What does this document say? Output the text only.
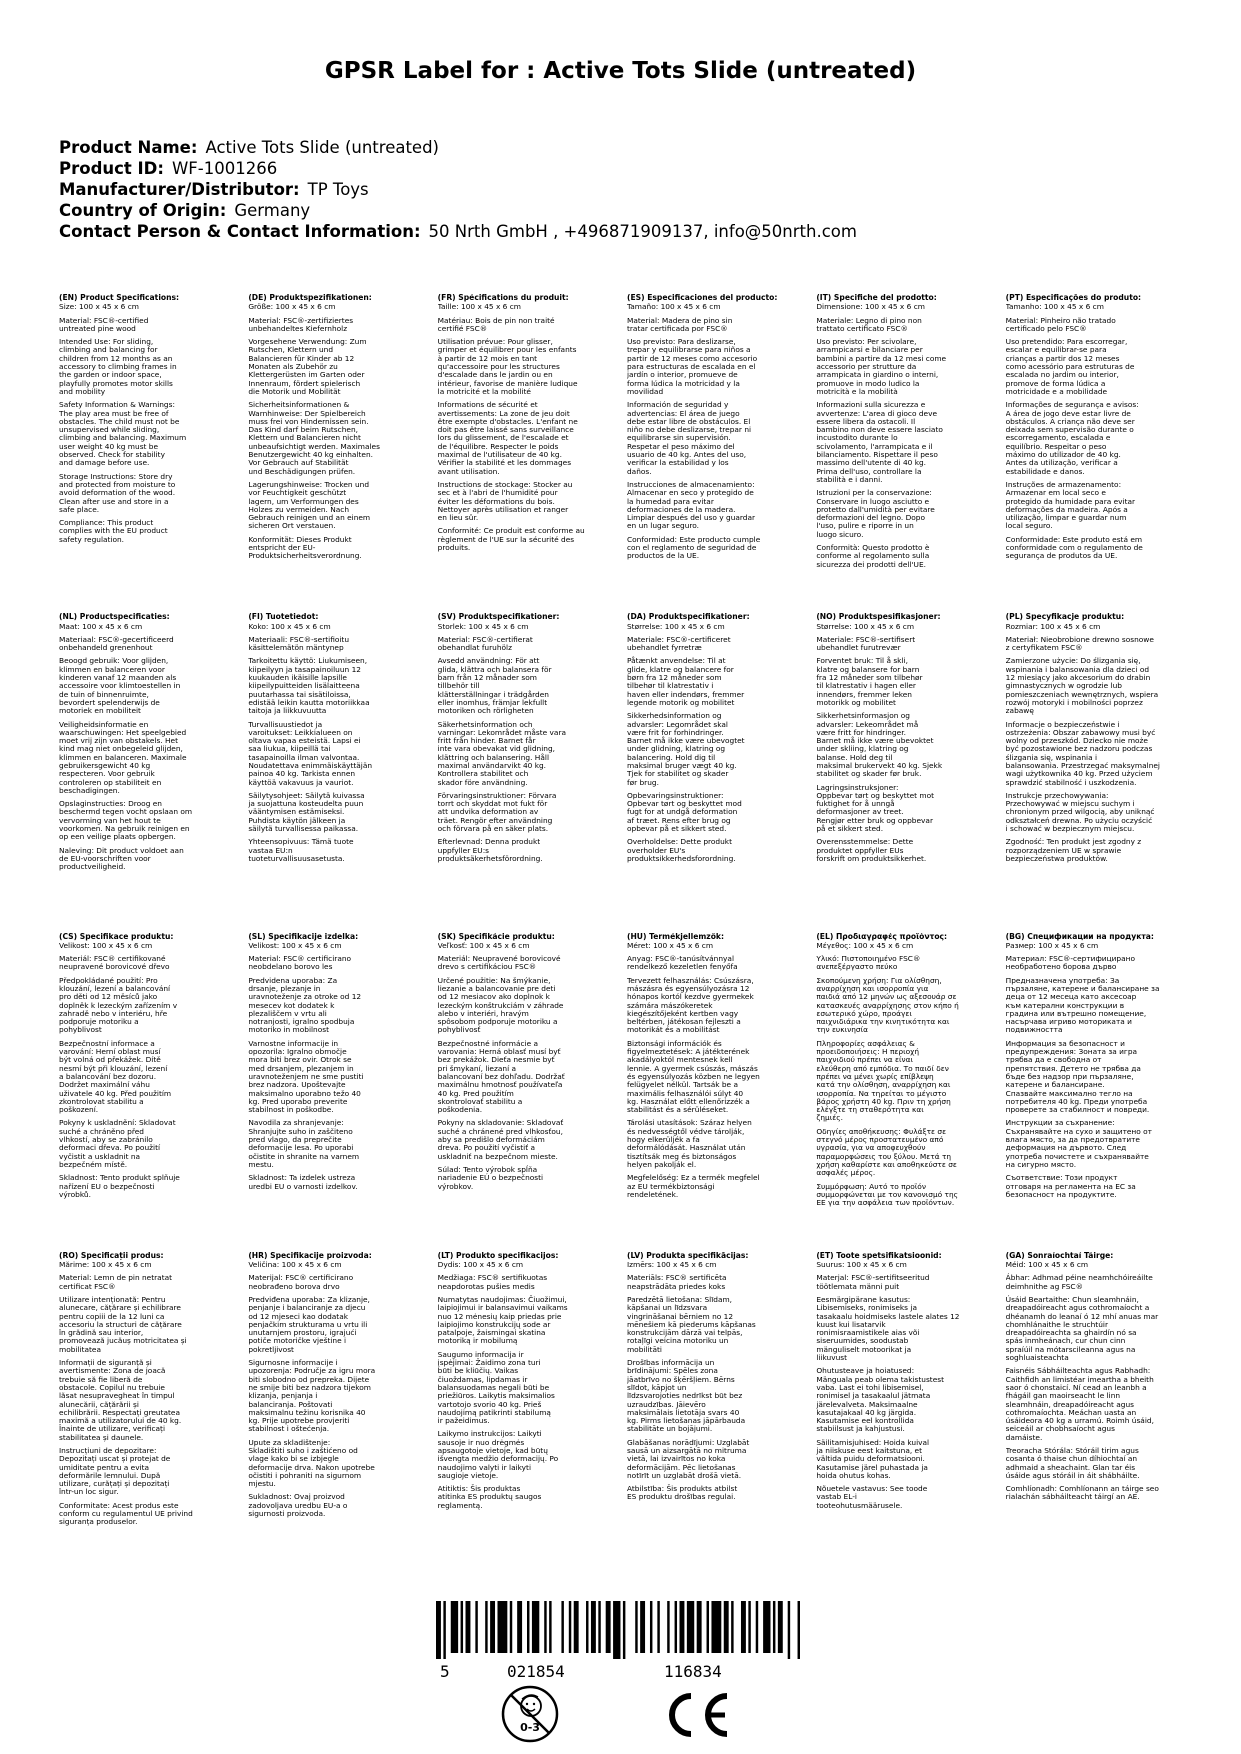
GPSR Label for : Active Tots Slide (untreated)
Product Name: Active Tots Slide (untreated)
Product ID: WF-1001266
Manufacturer/Distributor: TP Toys
Country of Origin: Germany
Contact Person & Contact Information: 50 Nrth GmbH , +496871909137, info@50nrth.com
(EN) Product Specifications:
Size: 100 x 45 x 6 cm
Material: FSC®-certified
untreated pine wood
Intended Use: For sliding,
climbing and balancing for
children from 12 months as an
accessory to climbing frames in
the garden or indoor space,
playfully promotes motor skills
and mobility
Safety Information & Warnings:
The play area must be free of
obstacles. The child must not be
unsupervised while sliding,
climbing and balancing. Maximum
user weight 40 kg must be
observed. Check for stability
and damage before use.
Storage Instructions: Store dry
and protected from moisture to
avoid deformation of the wood.
Clean after use and store in a
safe place.
Compliance: This product
complies with the EU product
safety regulation.
(DE) Produktspezifikationen:
Größe: 100 x 45 x 6 cm
Material: FSC®-zertifiziertes
unbehandeltes Kiefernholz
Vorgesehene Verwendung: Zum
Rutschen, Klettern und
Balancieren für Kinder ab 12
Monaten als Zubehör zu
Klettergerüsten im Garten oder
Innenraum, fördert spielerisch
die Motorik und Mobilität
Sicherheitsinformationen &
Warnhinweise: Der Spielbereich
muss frei von Hindernissen sein.
Das Kind darf beim Rutschen,
Klettern und Balancieren nicht
unbeaufsichtigt werden. Maximales
Benutzergewicht 40 kg einhalten.
Vor Gebrauch auf Stabilität
und Beschädigungen prüfen.
Lagerungshinweise: Trocken und
vor Feuchtigkeit geschützt
lagern, um Verformungen des
Holzes zu vermeiden. Nach
Gebrauch reinigen und an einem
sicheren Ort verstauen.
Konformität: Dieses Produkt
entspricht der EU-
Produktsicherheitsverordnung.
(FR) Spécifications du produit:
Taille: 100 x 45 x 6 cm
Matériau: Bois de pin non traité
certifié FSC®
Utilisation prévue: Pour glisser,
grimper et équilibrer pour les enfants
à partir de 12 mois en tant
qu'accessoire pour les structures
d'escalade dans le jardin ou en
intérieur, favorise de manière ludique
la motricité et la mobilité
Informations de sécurité et
avertissements: La zone de jeu doit
être exempte d'obstacles. L'enfant ne
doit pas être laissé sans surveillance
lors du glissement, de l'escalade et
de l'équilibre. Respecter le poids
maximal de l'utilisateur de 40 kg.
Vérifier la stabilité et les dommages
avant utilisation.
Instructions de stockage: Stocker au
sec et à l'abri de l'humidité pour
éviter les déformations du bois.
Nettoyer après utilisation et ranger
en lieu sûr.
Conformité: Ce produit est conforme au
règlement de l'UE sur la sécurité des
produits.
(ES) Especificaciones del producto:
Tamaño: 100 x 45 x 6 cm
Material: Madera de pino sin
tratar certificada por FSC®
Uso previsto: Para deslizarse,
trepar y equilibrarse para niños a
partir de 12 meses como accesorio
para estructuras de escalada en el
jardín o interior, promueve de
forma lúdica la motricidad y la
movilidad
Información de seguridad y
advertencias: El área de juego
debe estar libre de obstáculos. El
niño no debe deslizarse, trepar ni
equilibrarse sin supervisión.
Respetar el peso máximo del
usuario de 40 kg. Antes del uso,
verificar la estabilidad y los
daños.
Instrucciones de almacenamiento:
Almacenar en seco y protegido de
la humedad para evitar
deformaciones de la madera.
Limpiar después del uso y guardar
en un lugar seguro.
Conformidad: Este producto cumple
con el reglamento de seguridad de
productos de la UE.
(IT) Specifiche del prodotto:
Dimensione: 100 x 45 x 6 cm
Materiale: Legno di pino non
trattato certificato FSC®
Uso previsto: Per scivolare,
arrampicarsi e bilanciare per
bambini a partire da 12 mesi come
accessorio per strutture da
arrampicata in giardino o interni,
promuove in modo ludico la
motricità e la mobilità
Informazioni sulla sicurezza e
avvertenze: L'area di gioco deve
essere libera da ostacoli. Il
bambino non deve essere lasciato
incustodito durante lo
scivolamento, l'arrampicata e il
bilanciamento. Rispettare il peso
massimo dell'utente di 40 kg.
Prima dell'uso, controllare la
stabilità e i danni.
Istruzioni per la conservazione:
Conservare in luogo asciutto e
protetto dall'umidità per evitare
deformazioni del legno. Dopo
l'uso, pulire e riporre in un
luogo sicuro.
Conformità: Questo prodotto è
conforme al regolamento sulla
sicurezza dei prodotti dell'UE.
(PT) Especificações do produto:
Tamanho: 100 x 45 x 6 cm
Material: Pinheiro não tratado
certificado pelo FSC®
Uso pretendido: Para escorregar,
escalar e equilibrar-se para
crianças a partir dos 12 meses
como acessório para estruturas de
escalada no jardim ou interior,
promove de forma lúdica a
motricidade e a mobilidade
Informações de segurança e avisos:
A área de jogo deve estar livre de
obstáculos. A criança não deve ser
deixada sem supervisão durante o
escorregamento, escalada e
equilíbrio. Respeitar o peso
máximo do utilizador de 40 kg.
Antes da utilização, verificar a
estabilidade e danos.
Instruções de armazenamento:
Armazenar em local seco e
protegido da humidade para evitar
deformações da madeira. Após a
utilização, limpar e guardar num
local seguro.
Conformidade: Este produto está em
conformidade com o regulamento de
segurança de produtos da UE.
(NL) Productspecificaties:
Maat: 100 x 45 x 6 cm
Materiaal: FSC®-gecertificeerd
onbehandeld grenenhout
Beoogd gebruik: Voor glijden,
klimmen en balanceren voor
kinderen vanaf 12 maanden als
accessoire voor klimtoestellen in
de tuin of binnenruimte,
bevordert spelenderwijs de
motoriek en mobiliteit
Veiligheidsinformatie en
waarschuwingen: Het speelgebied
moet vrij zijn van obstakels. Het
kind mag niet onbegeleid glijden,
klimmen en balanceren. Maximale
gebruikersgewicht 40 kg
respecteren. Voor gebruik
controleren op stabiliteit en
beschadigingen.
Opslaginstructies: Droog en
beschermd tegen vocht opslaan om
vervorming van het hout te
voorkomen. Na gebruik reinigen en
op een veilige plaats opbergen.
Naleving: Dit product voldoet aan
de EU-voorschriften voor
productveiligheid.
(FI) Tuotetiedot:
Koko: 100 x 45 x 6 cm
Materiaali: FSC®-sertifioitu
käsittelemätön mäntynep
Tarkoitettu käyttö: Liukumiseen,
kiipeilyyn ja tasapainoiluun 12
kuukauden ikäisille lapsille
kiipeilypuitteiden lisälaitteena
puutarhassa tai sisätiloissa,
edistää leikin kautta motoriikkaa
taitoja ja liikkuvuutta
Turvallisuustiedot ja
varoitukset: Leikkialueen on
oltava vapaa esteistä. Lapsi ei
saa liukua, kiipeillä tai
tasapainoilla ilman valvontaa.
Noudatettava enimmäiskäyttäjän
painoa 40 kg. Tarkista ennen
käyttöä vakavuus ja vauriot.
Säilytysohjeet: Säilytä kuivassa
ja suojattuna kosteudelta puun
vääntymisen estämiseksi.
Puhdista käytön jälkeen ja
säilytä turvallisessa paikassa.
Yhteensopivuus: Tämä tuote
vastaa EU:n
tuoteturvallisuusasetusta.
(SV) Produktspecifikationer:
Storlek: 100 x 45 x 6 cm
Material: FSC®-certifierat
obehandlat furuhölz
Avsedd användning: För att
glida, klättra och balansera för
barn från 12 månader som
tillbehör till
klätterställningar i trädgården
eller inomhus, främjar lekfullt
motoriken och rörligheten
Säkerhetsinformation och
varningar: Lekområdet måste vara
fritt från hinder. Barnet får
inte vara obevakat vid glidning,
klättring och balansering. Håll
maximal användarvikt 40 kg.
Kontrollera stabilitet och
skador före användning.
Förvaringsinstruktioner: Förvara
torrt och skyddat mot fukt för
att undvika deformation av
träet. Rengör efter användning
och förvara på en säker plats.
Efterlevnad: Denna produkt
uppfyller EU:s
produktsäkerhetsförordning.
(DA) Produktspecifikationer:
Størrelse: 100 x 45 x 6 cm
Materiale: FSC®-certificeret
ubehandlet fyrretræ
Påtænkt anvendelse: Til at
glide, klatre og balancere for
børn fra 12 måneder som
tilbehør til klatrestativ i
haven eller indendørs, fremmer
legende motorik og mobilitet
Sikkerhedsinformation og
advarsler: Legområdet skal
være frit for forhindringer.
Barnet må ikke være ubevogtet
under glidning, klatring og
balancering. Hold dig til
maksimal bruger vægt 40 kg.
Tjek for stabilitet og skader
før brug.
Opbevaringsinstruktioner:
Opbevar tørt og beskyttet mod
fugt for at undgå deformation
af træet. Rens efter brug og
opbevar på et sikkert sted.
Overholdelse: Dette produkt
overholder EU's
produktsikkerhedsforordning.
(NO) Produktspesifikasjoner:
Størrelse: 100 x 45 x 6 cm
Materiale: FSC®-sertifisert
ubehandlet furutrevær
Forventet bruk: Til å skli,
klatre og balansere for barn
fra 12 måneder som tilbehør
til klatrestativ i hagen eller
innendørs, fremmer leken
motorikk og mobilitet
Sikkerhetsinformasjon og
advarsler: Lekeområdet må
være fritt for hindringer.
Barnet må ikke være ubevoktet
under skliing, klatring og
balanse. Hold deg til
maksimal brukervekt 40 kg. Sjekk
stabilitet og skader før bruk.
Lagringsinstruksjoner:
Oppbevar tørt og beskyttet mot
fuktighet for å unngå
deformasjoner av treet.
Rengjør etter bruk og oppbevar
på et sikkert sted.
Overensstemmelse: Dette
produktet oppfyller EUs
forskrift om produktsikkerhet.
(PL) Specyfikacje produktu:
Rozmiar: 100 x 45 x 6 cm
Materiał: Nieobrobione drewno sosnowe
z certyfikatem FSC®
Zamierzone użycie: Do ślizgania się,
wspinania i balansowania dla dzieci od
12 miesiący jako akcesorium do drabin
gimnastycznych w ogrodzie lub
pomieszczeniach wewnętrznych, wspiera
rozwój motoryki i mobilności poprzez
zabawę
Informacje o bezpieczeństwie i
ostrzeżenia: Obszar zabawowy musi być
wolny od przeszkód. Dziecko nie może
być pozostawione bez nadzoru podczas
ślizgania się, wspinania i
balansowania. Przestrzegać maksymalnej
wagi użytkownika 40 kg. Przed użyciem
sprawdzić stabilność i uszkodzenia.
Instrukcje przechowywania:
Przechowywać w miejscu suchym i
chronionym przed wilgocią, aby uniknąć
odkształceń drewna. Po użyciu oczyścić
i schować w bezpiecznym miejscu.
Zgodność: Ten produkt jest zgodny z
rozporządzeniem UE w sprawie
bezpieczeństwa produktów.
(CS) Specifikace produktu:
Velikost: 100 x 45 x 6 cm
Materiál: FSC® certifikované
neupravené borovicové dřevo
Předpokládané použití: Pro
klouzání, lezení a balancování
pro děti od 12 měsíců jako
doplněk k lezeckým zařízením v
zahradě nebo v interiéru, hře
podporuje motoriku a
pohyblivost
Bezpečnostní informace a
varování: Herní oblast musí
být volná od překážek. Dítě
nesmí být při klouzání, lezení
a balancování bez dozoru.
Dodržet maximální váhu
uživatele 40 kg. Před použitím
zkontrolovat stabilitu a
poškození.
Pokyny k uskladnění: Skladovat
suché a chráněno před
vlhkostí, aby se zabránilo
deformaci dřeva. Po použití
vyčistit a uskladnit na
bezpečném místě.
Skladnost: Tento produkt splňuje
nařízení EU o bezpečnosti
výrobků.
(SL) Specifikacije izdelka:
Velikost: 100 x 45 x 6 cm
Material: FSC® certificirano
neobdelano borovo les
Predvidena uporaba: Za
drsanje, plezanje in
uravnoteženje za otroke od 12
mesecev kot dodatek k
plezališčem v vrtu ali
notranjosti, igralno spodbuja
motoriko in mobilnost
Varnostne informacije in
opozorila: Igralno območje
mora biti brez ovir. Otrok se
med drsanjem, plezanjem in
uravnoteženjem ne sme pustiti
brez nadzora. Upoštevajte
maksimalno uporabno težo 40
kg. Pred uporabo preverite
stabilnost in poškodbe.
Navodila za shranjevanje:
Shranjujte suho in zaščiteno
pred vlago, da preprečite
deformacije lesa. Po uporabi
očistite in shranite na varnem
mestu.
Skladnost: Ta izdelek ustreza
uredbi EU o varnosti izdelkov.
(SK) Špecifikácie produktu:
Veľkosť: 100 x 45 x 6 cm
Materiál: Neupravené borovicové
drevo s certifikáciou FSC®
Určené použitie: Na šmýkanie,
liezanie a balancovanie pre deti
od 12 mesiacov ako doplnok k
lezeckým konštrukciám v záhrade
alebo v interiéri, hravým
spôsobom podporuje motoriku a
pohyblivosť
Bezpečnostné informácie a
varovania: Herná oblasť musí byť
bez prekážok. Dieťa nesmie byť
pri šmykaní, liezaní a
balancovaní bez dohľadu. Dodržať
maximálnu hmotnosť používateľa
40 kg. Pred použitím
skontrolovať stabilitu a
poškodenia.
Pokyny na skladovanie: Skladovať
suché a chránené pred vlhkosťou,
aby sa predišlo deformáciám
dreva. Po použití vyčistiť a
uskladniť na bezpečnom mieste.
Súlad: Tento výrobok spĺňa
nariadenie EÚ o bezpečnosti
výrobkov.
(HU) Termékjellemzők:
Méret: 100 x 45 x 6 cm
Anyag: FSC®-tanúsítvánnyal
rendelkező kezeletlen fenyőfa
Tervezett felhasználás: Csúszásra,
mászásra és egyensúlyozásra 12
hónapos kortól kezdve gyermekek
számára mászókeretek
kiegészítőjeként kertben vagy
beltérben, játékosan fejleszti a
motorikát és a mobilitást
Biztonsági információk és
figyelmeztetések: A játékterének
akadályoktól mentesnek kell
lennie. A gyermek csúszás, mászás
és egyensúlyozás közben ne legyen
felügyelet nélkül. Tartsák be a
maximális felhasználói súlyt 40
kg. Használat előtt ellenőrizzék a
stabilitást és a sérüléseket.
Tárolási utasítások: Száraz helyen
és nedvességtől védve tárolják,
hogy elkerüljék a fa
deformálódását. Használat után
tisztítsák meg és biztonságos
helyen pakolják el.
Megfelelőség: Ez a termék megfelel
az EU termékbiztonsági
rendeletének.
(EL) Προδιαγραφές προϊόντος:
Μέγεθος: 100 x 45 x 6 cm
Υλικό: Πιστοποιημένο FSC®
ανεπεξέργαστο πεύκο
Σκοπούμενη χρήση: Για ολίσθηση,
αναρρίχηση και ισορροπία για
παιδιά από 12 μηνών ως αξεσουάρ σε
κατασκευές αναρρίχησης στον κήπο ή
εσωτερικό χώρο, προάγει
παιχνιδιάρικα την κινητικότητα και
την ευκινησία
Πληροφορίες ασφάλειας &
προειδοποιήσεις: Η περιοχή
παιχνιδιού πρέπει να είναι
ελεύθερη από εμπόδια. Το παιδί δεν
πρέπει να μένει χωρίς επίβλεψη
κατά την ολίσθηση, αναρρίχηση και
ισορροπία. Να τηρείται το μέγιστο
βάρος χρήστη 40 kg. Πριν τη χρήση
ελέγξτε τη σταθερότητα και
ζημιές.
Οδηγίες αποθήκευσης: Φυλάξτε σε
στεγνό μέρος προστατευμένο από
υγρασία, για να αποφευχθούν
παραμορφώσεις του ξύλου. Μετά τη
χρήση καθαρίστε και αποθηκεύστε σε
ασφαλές μέρος.
Συμμόρφωση: Αυτό το προϊόν
συμμορφώνεται με τον κανονισμό της
ΕΕ για την ασφάλεια των προϊόντων.
(BG) Спецификации на продукта:
Размер: 100 x 45 x 6 cm
Материал: FSC®-сертифицирано
необработено борова дърво
Предназначена употреба: За
пързаляне, катерене и балансиране за
деца от 12 месеца като аксесоар
към катерални конструкции в
градина или вътрешно помещение,
насърчава игриво моториката и
подвижността
Информация за безопасност и
предупреждения: Зоната за игра
трябва да е свободна от
препятствия. Детето не трябва да
бъде без надзор при пързаляне,
катерене и балансиране.
Спазвайте максимално тегло на
потребителя 40 kg. Преди употреба
проверете за стабилност и повреди.
Инструкции за съхранение:
Съхранявайте на сухо и защитено от
влага място, за да предотвратите
деформация на дървото. След
употреба почистете и съхранявайте
на сигурно място.
Съответствие: Този продукт
отговаря на регламента на ЕС за
безопасност на продуктите.
(RO) Specificații produs:
Mărime: 100 x 45 x 6 cm
Material: Lemn de pin netratat
certificat FSC®
Utilizare intenționată: Pentru
alunecare, cățărare și echilibrare
pentru copiii de la 12 luni ca
accesoriu la structuri de cățărare
în grădină sau interior,
promovează jucăuș motricitatea și
mobilitatea
Informații de siguranță și
avertismente: Zona de joacă
trebuie să fie liberă de
obstacole. Copilul nu trebuie
lăsat nesupravegheat în timpul
alunecării, cățărării și
echilibrării. Respectați greutatea
maximă a utilizatorului de 40 kg.
Înainte de utilizare, verificați
stabilitatea și daunele.
Instrucțiuni de depozitare:
Depozitați uscat și protejat de
umiditate pentru a evita
deformările lemnului. După
utilizare, curățați și depozitați
într-un loc sigur.
Conformitate: Acest produs este
conform cu regulamentul UE privind
siguranța produselor.
(HR) Specifikacije proizvoda:
Veličina: 100 x 45 x 6 cm
Materijal: FSC® certificirano
neobrađeno borova drvo
Predviđena uporaba: Za klizanje,
penjanje i balanciranje za djecu
od 12 mjeseci kao dodatak
penjačkim strukturama u vrtu ili
unutarnjem prostoru, igrajući
potiče motoričke vještine i
pokretljivost
Sigurnosne informacije i
upozorenja: Područje za igru mora
biti slobodno od prepreka. Dijete
ne smije biti bez nadzora tijekom
klizanja, penjanja i
balanciranja. Poštovati
maksimalnu težinu korisnika 40
kg. Prije upotrebe provjeriti
stabilnost i oštećenja.
Upute za skladištenje:
Skladištiti suho i zaštićeno od
vlage kako bi se izbjegle
deformacije drva. Nakon upotrebe
očistiti i pohraniti na sigurnom
mjestu.
Sukladnost: Ovaj proizvod
zadovoljava uredbu EU-a o
sigurnosti proizvoda.
(LT) Produkto specifikacijos:
Dydis: 100 x 45 x 6 cm
Medžiaga: FSC® sertifikuotas
neapdorotas pušies medis
Numatytas naudojimas: Čiuožimui,
laipiojimui ir balansavimui vaikams
nuo 12 mėnesių kaip priedas prie
laipiojimo konstrukcijų sode ar
patalpoje, žaismingai skatina
motoriką ir mobilumą
Saugumo informacija ir
įspėjimai: Žaidimo zona turi
būti be kliūčių. Vaikas
čiuoždamas, lipdamas ir
balansuodamas negali būti be
priežiūros. Laikytis maksimalios
vartotojo svorio 40 kg. Prieš
naudojimą patikrinti stabilumą
ir pažeidimus.
Laikymo instrukcijos: Laikyti
sausoje ir nuo drėgmės
apsaugotoje vietoje, kad būtų
išvengta medžio deformacijų. Po
naudojimo valyti ir laikyti
saugioje vietoje.
Atitiktis: Šis produktas
atitinka ES produktų saugos
reglamentą.
(LV) Produkta specifikācijas:
Izmērs: 100 x 45 x 6 cm
Materiāls: FSC® sertificēta
neapstrādāta priedes koks
Paredzētā lietošana: Slīdam,
kāpšanai un līdzsvara
vingrināšanai bērniem no 12
mēnešiem kā piederums kāpšanas
konstrukcijām dārzā vai telpās,
rotaļīgi veicina motoriku un
mobilitāti
Drošības informācija un
brīdinājumi: Spēles zona
jāatbrīvo no šķēršļiem. Bērns
slīdot, kāpjot un
līdzsvarojoties nedrīkst būt bez
uzraudzības. Jāievēro
maksimālais lietotāja svars 40
kg. Pirms lietošanas jāpārbauda
stabilitāte un bojājumi.
Glabāšanas norādījumi: Uzglabāt
sausā un aizsargātā no mitruma
vietā, lai izvairītos no koka
deformācijām. Pēc lietošanas
notīrīt un uzglabāt drošā vietā.
Atbilstība: Šis produkts atbilst
ES produktu drošības regulai.
(ET) Toote spetsifikatsioonid:
Suurus: 100 x 45 x 6 cm
Materjal: FSC®-sertifitseeritud
töötlemata männi puit
Eesmärgipärane kasutus:
Libisemiseks, ronimiseks ja
tasakaalu hoidmiseks lastele alates 12
kuust kui lisatarvik
ronimisraamistikele aias või
siseruumides, soodustab
mänguliselt motoorikat ja
liikuvust
Ohutusteave ja hoiatused:
Mänguala peab olema takistustest
vaba. Last ei tohi libisemisel,
ronimisel ja tasakaalul jätmata
järelevalveta. Maksimaalne
kasutajakaal 40 kg järgida.
Kasutamise eel kontrollida
stabiilsust ja kahjustusi.
Säilitamisjuhised: Hoida kuival
ja niiskuse eest kaitstuna, et
vältida puidu deformatsiooni.
Kasutamise järel puhastada ja
hoida ohutus kohas.
Nõuetele vastavus: See toode
vastab EL-i
tooteohutusmäärusele.
(GA) Sonraíochtaí Táirge:
Méid: 100 x 45 x 6 cm
Ábhar: Adhmad péine neamhchóireáilte
deimhnithe ag FSC®
Úsáid Beartaithe: Chun sleamhnáin,
dreapadóireacht agus cothromaíocht a
dhéanamh do leanaí ó 12 mhí anuas mar
chomhlánaithe le struchtúir
dreapadóireachta sa ghairdín nó sa
spás inmheánach, cur chun cinn
spraíúil na mótarscileanna agus na
soghluaisteachta
Faisnéis Sábháilteachta agus Rabhadh:
Caithfidh an limistéar imeartha a bheith
saor ó chonstaicí. Ní cead an leanbh a
fhágáil gan maoirseacht le linn
sleamhnáin, dreapadóireacht agus
cothromaíochta. Meáchan uasta an
úsáideora 40 kg a urramú. Roimh úsáid,
seiceáil ar chobhsaíocht agus
damáiste.
Treoracha Stórála: Stóráil tirim agus
cosanta ó thaise chun díhiochtaí an
adhmaid a sheachaint. Glan tar éis
úsáide agus stóráil in áit shábháilte.
Comhlíonadh: Comhlíonann an táirge seo
rialachán sábháilteacht táirgí an AE.
5	021854	116834
0-3
